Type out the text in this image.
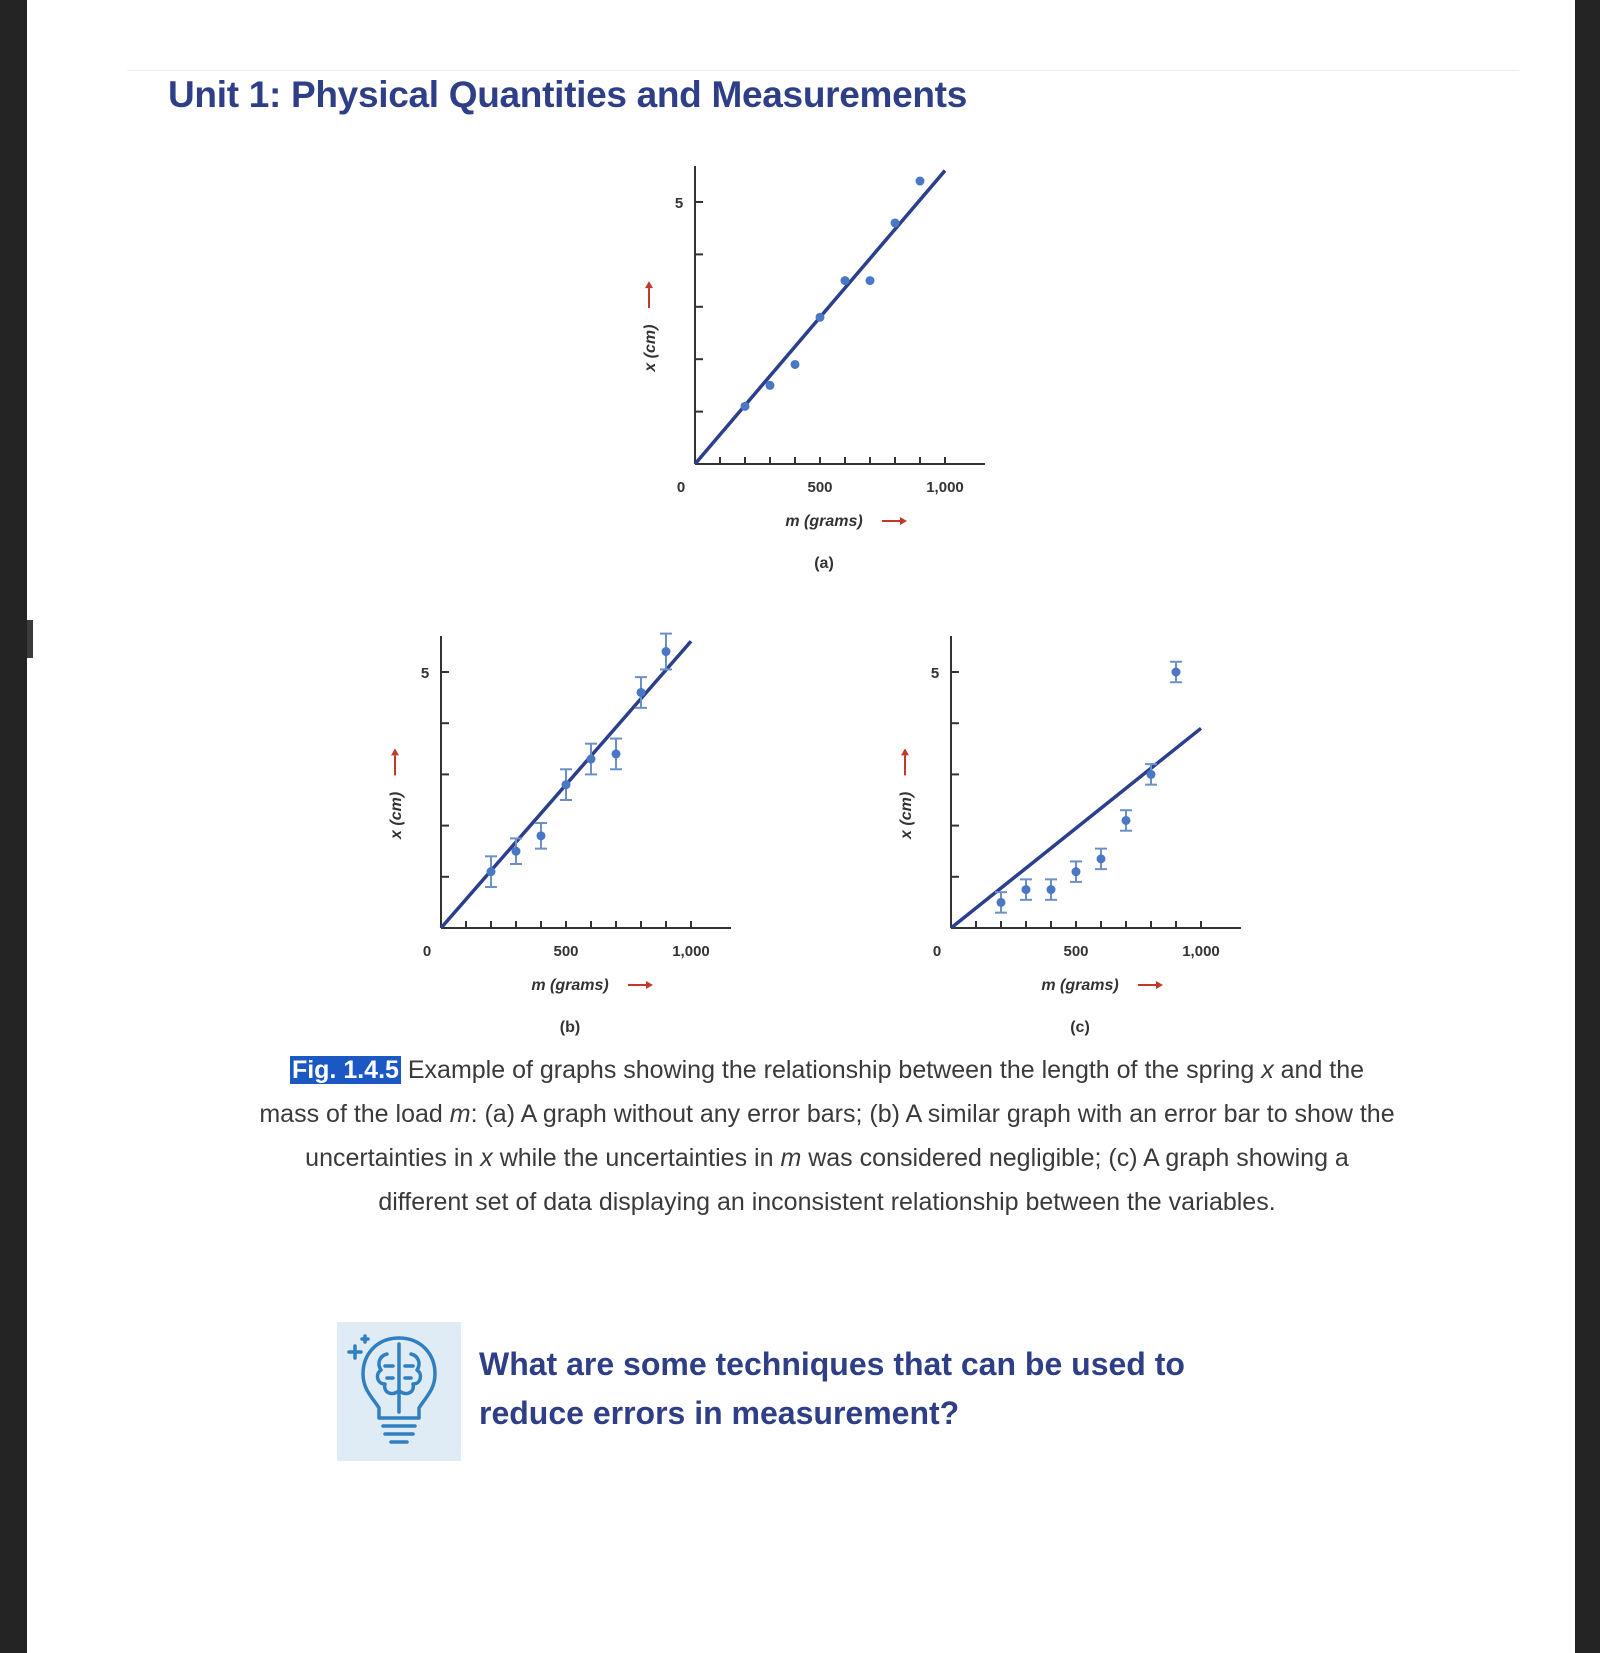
Unit 1: Physical Quantities and Measurements
0	500	1,000
5
m (grams)
x (cm)
(a)
0	500	1,000
5
m (grams)
x (cm)
(b)
0	500	1,000
5
m (grams)
x (cm)
(c)
Fig. 1.4.5 Example of graphs showing the relationship between the length of the spring x and the mass of the load m: (a) A graph without any error bars; (b) A similar graph with an error bar to show the uncertainties in x while the uncertainties in m was considered negligible; (c) A graph showing a different set of data displaying an inconsistent relationship between the variables.
What are some techniques that can be used to reduce errors in measurement?
